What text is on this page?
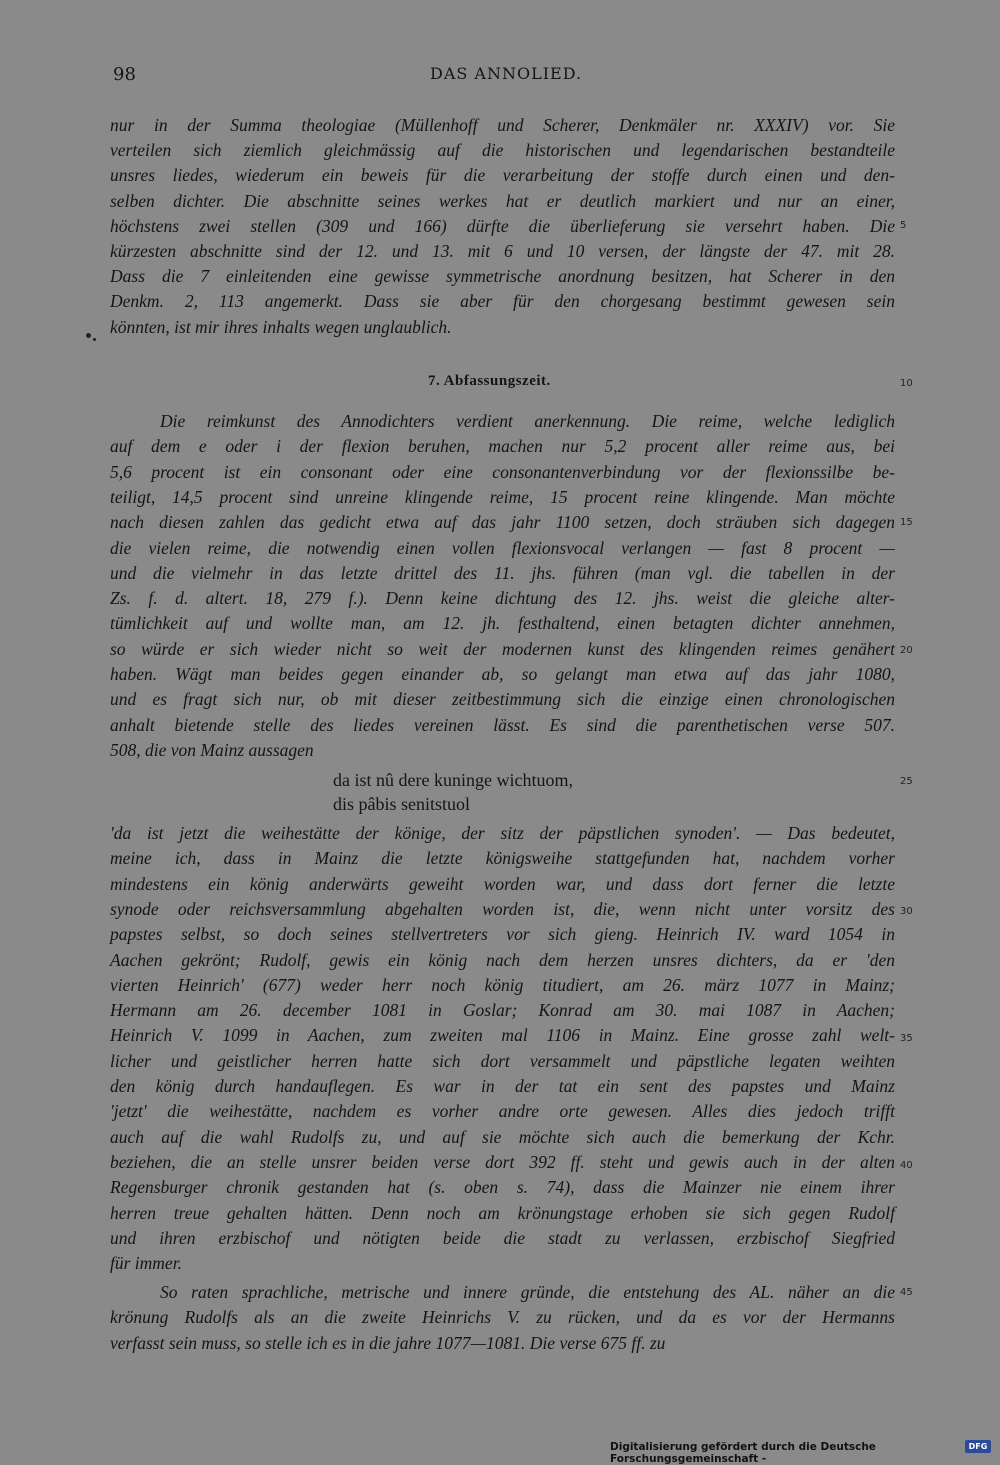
98	DAS ANNOLIED.
nur in der Summa theologiae (Müllenhoff und Scherer, Denkmäler nr. XXXIV) vor. Sie
verteilen sich ziemlich gleichmässig auf die historischen und legendarischen bestandteile
unsres liedes, wiederum ein beweis für die verarbeitung der stoffe durch einen und den-
selben dichter. Die abschnitte seines werkes hat er deutlich markiert und nur an einer,
höchstens zwei stellen (309 und 166) dürfte die überlieferung sie versehrt haben. Die
kürzesten abschnitte sind der 12. und 13. mit 6 und 10 versen, der längste der 47. mit 28.
Dass die 7 einleitenden eine gewisse symmetrische anordnung besitzen, hat Scherer in den
Denkm. 2, 113 angemerkt. Dass sie aber für den chorgesang bestimmt gewesen sein
könnten, ist mir ihres inhalts wegen unglaublich.
7. Abfassungszeit.
Die reimkunst des Annodichters verdient anerkennung. Die reime, welche lediglich
auf dem e oder i der flexion beruhen, machen nur 5,2 procent aller reime aus, bei
5,6 procent ist ein consonant oder eine consonantenverbindung vor der flexionssilbe be-
teiligt, 14,5 procent sind unreine klingende reime, 15 procent reine klingende. Man möchte
nach diesen zahlen das gedicht etwa auf das jahr 1100 setzen, doch sträuben sich dagegen
die vielen reime, die notwendig einen vollen flexionsvocal verlangen — fast 8 procent —
und die vielmehr in das letzte drittel des 11. jhs. führen (man vgl. die tabellen in der
Zs. f. d. altert. 18, 279 f.). Denn keine dichtung des 12. jhs. weist die gleiche alter-
tümlichkeit auf und wollte man, am 12. jh. festhaltend, einen betagten dichter annehmen,
so würde er sich wieder nicht so weit der modernen kunst des klingenden reimes genähert
haben. Wägt man beides gegen einander ab, so gelangt man etwa auf das jahr 1080,
und es fragt sich nur, ob mit dieser zeitbestimmung sich die einzige einen chronologischen
anhalt bietende stelle des liedes vereinen lässt. Es sind die parenthetischen verse 507.
508, die von Mainz aussagen
da ist nû dere kuninge wichtuom,
dis pâbis senitstuol
'da ist jetzt die weihestätte der könige, der sitz der päpstlichen synoden'. — Das bedeutet,
meine ich, dass in Mainz die letzte königsweihe stattgefunden hat, nachdem vorher
mindestens ein könig anderwärts geweiht worden war, und dass dort ferner die letzte
synode oder reichsversammlung abgehalten worden ist, die, wenn nicht unter vorsitz des
papstes selbst, so doch seines stellvertreters vor sich gieng. Heinrich IV. ward 1054 in
Aachen gekrönt; Rudolf, gewis ein könig nach dem herzen unsres dichters, da er 'den
vierten Heinrich' (677) weder herr noch könig titudiert, am 26. märz 1077 in Mainz;
Hermann am 26. december 1081 in Goslar; Konrad am 30. mai 1087 in Aachen;
Heinrich V. 1099 in Aachen, zum zweiten mal 1106 in Mainz. Eine grosse zahl welt-
licher und geistlicher herren hatte sich dort versammelt und päpstliche legaten weihten
den könig durch handauflegen. Es war in der tat ein sent des papstes und Mainz
'jetzt' die weihestätte, nachdem es vorher andre orte gewesen. Alles dies jedoch trifft
auch auf die wahl Rudolfs zu, und auf sie möchte sich auch die bemerkung der Kchr.
beziehen, die an stelle unsrer beiden verse dort 392 ff. steht und gewis auch in der alten
Regensburger chronik gestanden hat (s. oben s. 74), dass die Mainzer nie einem ihrer
herren treue gehalten hätten. Denn noch am krönungstage erhoben sie sich gegen Rudolf
und ihren erzbischof und nötigten beide die stadt zu verlassen, erzbischof Siegfried
für immer.
So raten sprachliche, metrische und innere gründe, die entstehung des AL. näher an die
krönung Rudolfs als an die zweite Heinrichs V. zu rücken, und da es vor der Hermanns
verfasst sein muss, so stelle ich es in die jahre 1077—1081. Die verse 675 ff. zu
5
10
15
20
25
30
35
40
45
Digitalisierung gefördert durch die Deutsche Forschungsgemeinschaft -
DFG
